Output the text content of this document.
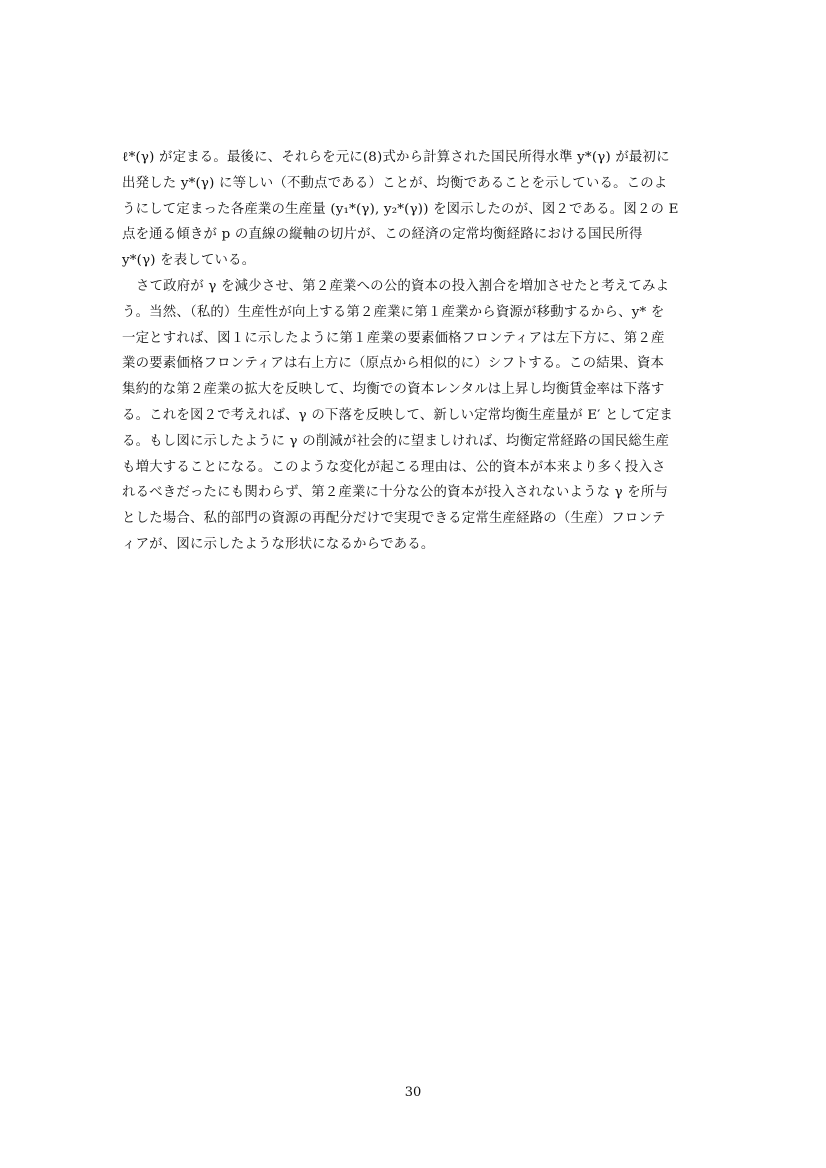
ℓ*(γ) が定まる。最後に、それらを元に(8)式から計算された国民所得水準 y*(γ) が最初に
出発した y*(γ) に等しい（不動点である）ことが、均衡であることを示している。このよ
うにして定まった各産業の生産量 (y₁*(γ), y₂*(γ)) を図示したのが、図２である。図２の E
点を通る傾きが p の直線の縦軸の切片が、この経済の定常均衡経路における国民所得
y*(γ) を表している。
さて政府が γ を減少させ、第２産業への公的資本の投入割合を増加させたと考えてみよ
う。当然、（私的）生産性が向上する第２産業に第１産業から資源が移動するから、y* を
一定とすれば、図１に示したように第１産業の要素価格フロンティアは左下方に、第２産
業の要素価格フロンティアは右上方に（原点から相似的に）シフトする。この結果、資本
集約的な第２産業の拡大を反映して、均衡での資本レンタルは上昇し均衡賃金率は下落す
る。これを図２で考えれば、γ の下落を反映して、新しい定常均衡生産量が E′ として定ま
る。もし図に示したように γ の削減が社会的に望ましければ、均衡定常経路の国民総生産
も増大することになる。このような変化が起こる理由は、公的資本が本来より多く投入さ
れるべきだったにも関わらず、第２産業に十分な公的資本が投入されないような γ を所与
とした場合、私的部門の資源の再配分だけで実現できる定常生産経路の（生産）フロンテ
ィアが、図に示したような形状になるからである。
30
